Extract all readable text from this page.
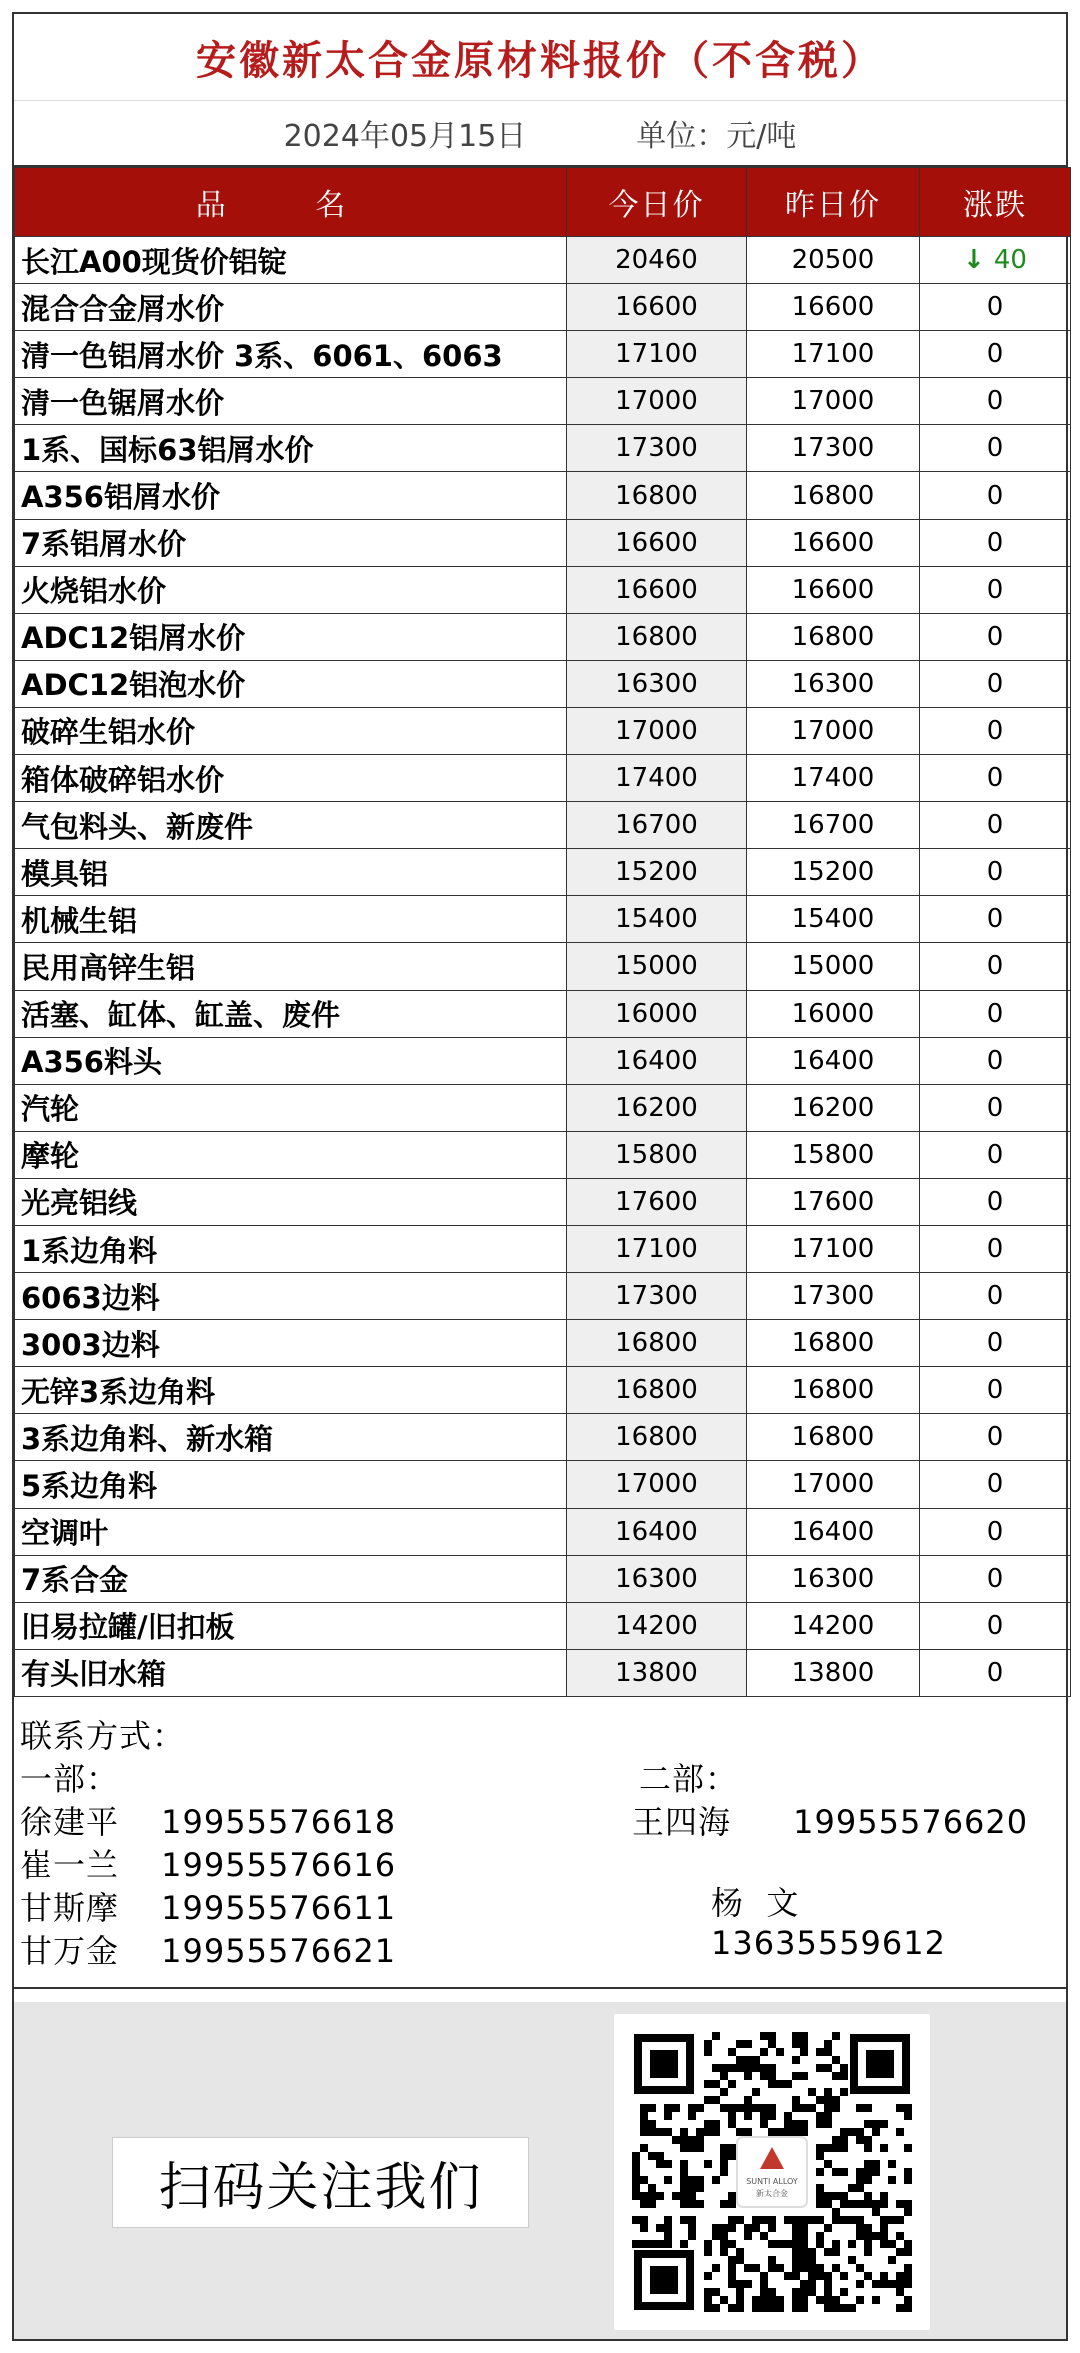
安徽新太合金原材料报价（不含税）
2024年05月15日	单位：元/吨
品 名	今日价	昨日价	涨跌
长江A00现货价铝锭	20460	20500	↓ 40
混合合金屑水价	16600	16600	0
清一色铝屑水价 3系、6061、6063	17100	17100	0
清一色锯屑水价	17000	17000	0
1系、国标63铝屑水价	17300	17300	0
A356铝屑水价	16800	16800	0
7系铝屑水价	16600	16600	0
火烧铝水价	16600	16600	0
ADC12铝屑水价	16800	16800	0
ADC12铝泡水价	16300	16300	0
破碎生铝水价	17000	17000	0
箱体破碎铝水价	17400	17400	0
气包料头、新废件	16700	16700	0
模具铝	15200	15200	0
机械生铝	15400	15400	0
民用高锌生铝	15000	15000	0
活塞、缸体、缸盖、废件	16000	16000	0
A356料头	16400	16400	0
汽轮	16200	16200	0
摩轮	15800	15800	0
光亮铝线	17600	17600	0
1系边角料	17100	17100	0
6063边料	17300	17300	0
3003边料	16800	16800	0
无锌3系边角料	16800	16800	0
3系边角料、新水箱	16800	16800	0
5系边角料	17000	17000	0
空调叶	16400	16400	0
7系合金	16300	16300	0
旧易拉罐/旧扣板	14200	14200	0
有头旧水箱	13800	13800	0
联系方式：
一部：	二部：
徐建平 19955576618
崔一兰 19955576616
甘斯摩 19955576611
甘万金 19955576621
王四海 19955576620

杨  文
13635559612

扫码关注我们	SUNTI ALLOY
新太合金
